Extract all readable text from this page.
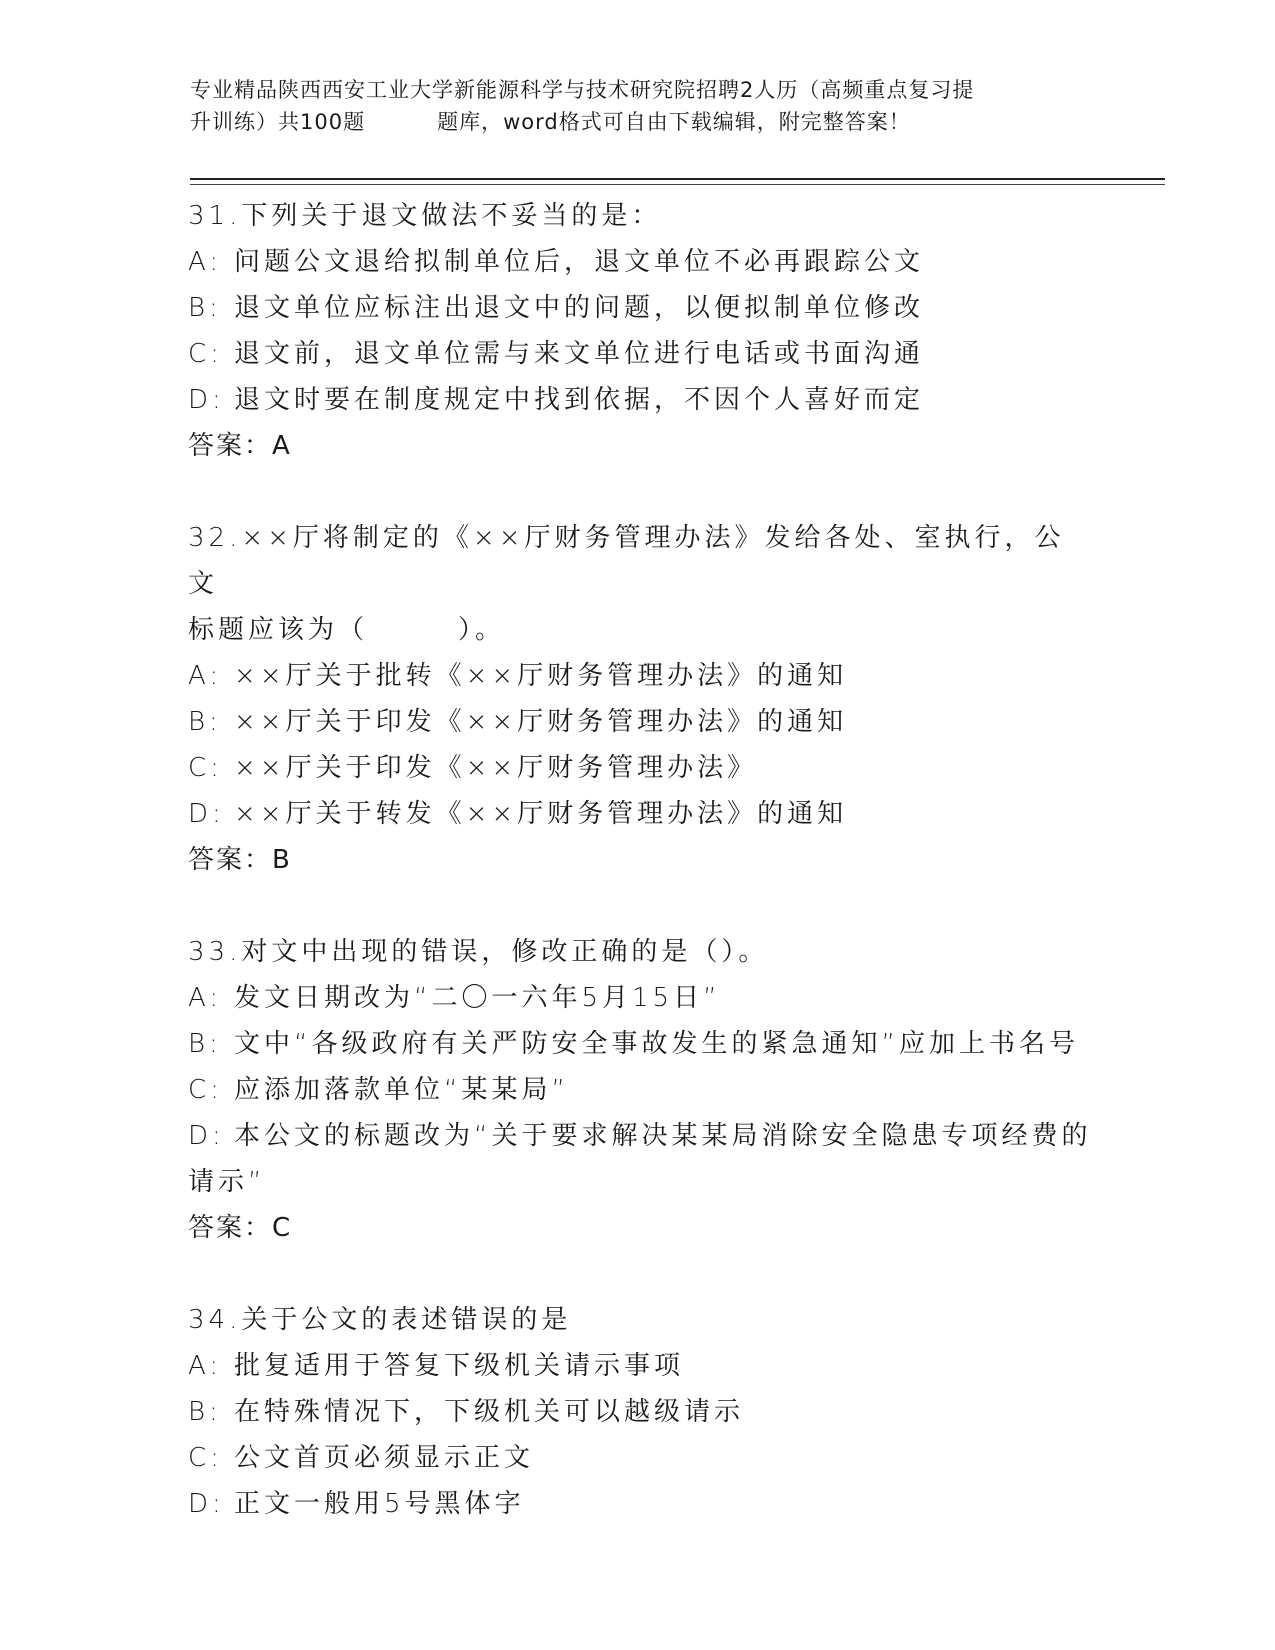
专业精品陕西西安工业大学新能源科学与技术研究院招聘2人历（高频重点复习提
升训练）共100题	题库，word格式可自由下载编辑，附完整答案！
31.下列关于退文做法不妥当的是：
A: 问题公文退给拟制单位后，退文单位不必再跟踪公文
B: 退文单位应标注出退文中的问题，以便拟制单位修改
C: 退文前，退文单位需与来文单位进行电话或书面沟通
D: 退文时要在制度规定中找到依据，不因个人喜好而定
答案：A
32.××厅将制定的《××厅财务管理办法》发给各处、室执行，公文
标题应该为（　　　）。
A: ××厅关于批转《××厅财务管理办法》的通知
B: ××厅关于印发《××厅财务管理办法》的通知
C: ××厅关于印发《××厅财务管理办法》
D: ××厅关于转发《××厅财务管理办法》的通知
答案：B
33.对文中出现的错误，修改正确的是（）。
A: 发文日期改为“二〇一六年5月15日”
B: 文中“各级政府有关严防安全事故发生的紧急通知”应加上书名号
C: 应添加落款单位“某某局”
D: 本公文的标题改为“关于要求解决某某局消除安全隐患专项经费的
请示”
答案：C
34.关于公文的表述错误的是
A: 批复适用于答复下级机关请示事项
B: 在特殊情况下，下级机关可以越级请示
C: 公文首页必须显示正文
D: 正文一般用5号黑体字
